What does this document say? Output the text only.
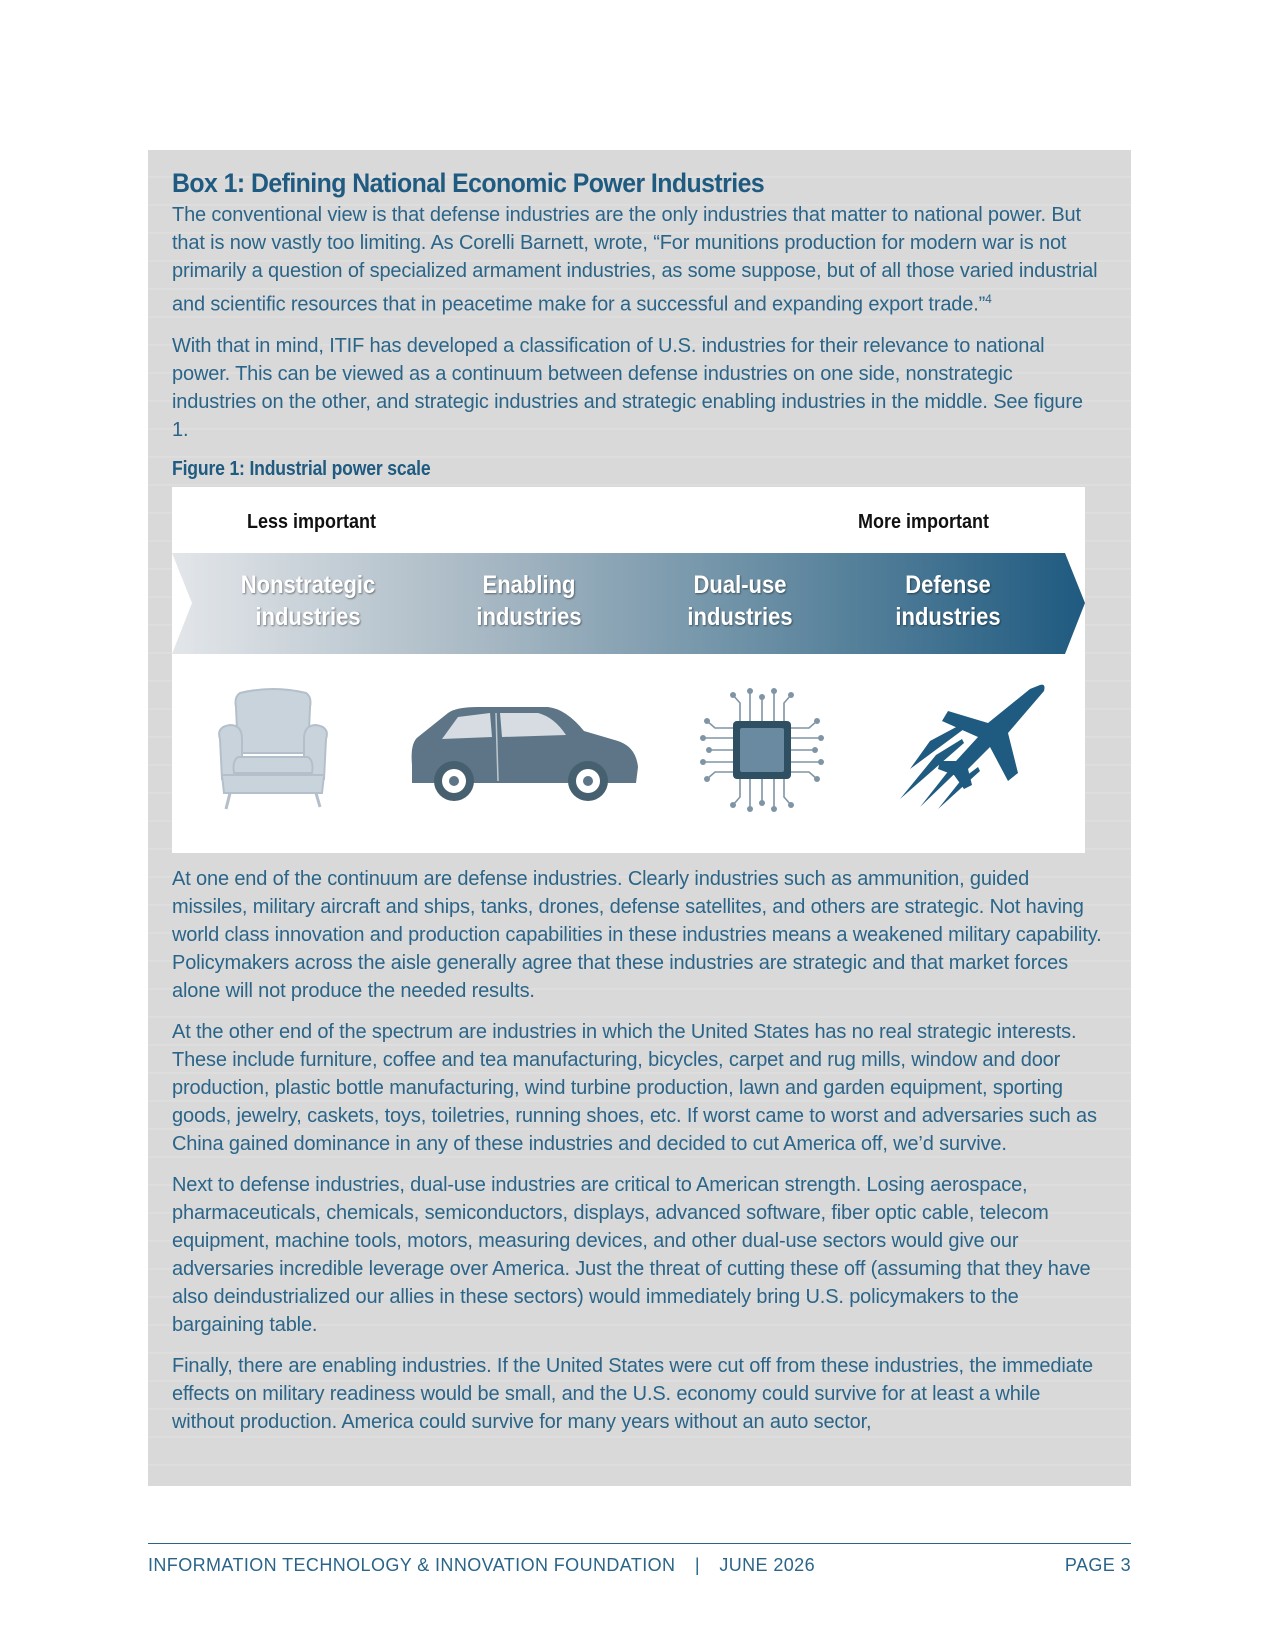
Box 1: Defining National Economic Power Industries

The conventional view is that defense industries are the only industries that matter to national power. But that is now vastly too limiting. As Corelli Barnett, wrote, “For munitions production for modern war is not primarily a question of specialized armament industries, as some suppose, but of all those varied industrial and scientific resources that in peacetime make for a successful and expanding export trade.”$^4$

With that in mind, ITIF has developed a classification of U.S. industries for their relevance to national power. This can be viewed as a continuum between defense industries on one side, nonstrategic industries on the other, and strategic industries and strategic enabling industries in the middle. See figure 1.

Figure 1: Industrial power scale
Less important	More important
Nonstrategic
industries
Enabling
industries
Dual-use
industries
Defense
industries

At one end of the continuum are defense industries. Clearly industries such as ammunition, guided missiles, military aircraft and ships, tanks, drones, defense satellites, and others are strategic. Not having world class innovation and production capabilities in these industries means a weakened military capability. Policymakers across the aisle generally agree that these industries are strategic and that market forces alone will not produce the needed results.

At the other end of the spectrum are industries in which the United States has no real strategic interests. These include furniture, coffee and tea manufacturing, bicycles, carpet and rug mills, window and door production, plastic bottle manufacturing, wind turbine production, lawn and garden equipment, sporting goods, jewelry, caskets, toys, toiletries, running shoes, etc. If worst came to worst and adversaries such as China gained dominance in any of these industries and decided to cut America off, we’d survive.

Next to defense industries, dual-use industries are critical to American strength. Losing aerospace, pharmaceuticals, chemicals, semiconductors, displays, advanced software, fiber optic cable, telecom equipment, machine tools, motors, measuring devices, and other dual-use sectors would give our adversaries incredible leverage over America. Just the threat of cutting these off (assuming that they have also deindustrialized our allies in these sectors) would immediately bring U.S. policymakers to the bargaining table.

Finally, there are enabling industries. If the United States were cut off from these industries, the immediate effects on military readiness would be small, and the U.S. economy could survive for at least a while without production. America could survive for many years without an auto sector,

INFORMATION TECHNOLOGY & INNOVATION FOUNDATION | JUNE 2026	PAGE 3
